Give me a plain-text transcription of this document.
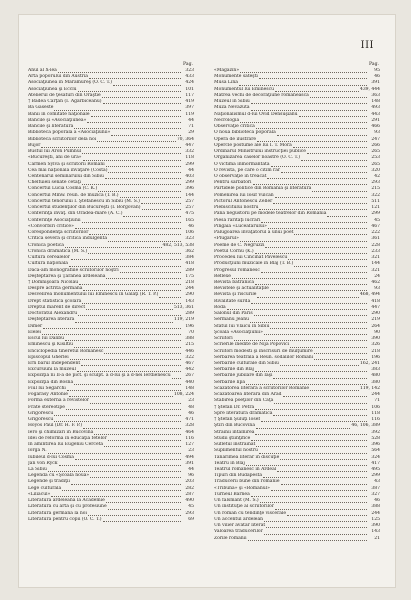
III
Pag.
Anul al X-lea	323
Arta poporului din Austria	433
Asociaţiunea în Maramureş (O. C. T.)	424
Asociaţiunea şi Ecclu	101
Atelierul de ţesături din Orăştie	117
† Badea Cârţan (I. Agârbiceanu)	419
Ba Gaseste	397
Banii în comitate naţionale	119
Băncile şi «Asociaţiunea»	44
Băncile şi literatura	71
Biblioteca poporală a «Asociaţiunii»	29
Biblioteca scriitorilor dela noi	70, 364
Bujor	447
Bustul lui Aron Pumnul	332
«Bucureşti, ani de ură»	118
Carmen Sylva şi scriitorii Români	299
Cea mai naţională învăţare (Costa)	44
Centenarul seminarului din Sibiu	403
Cheltuieli senate cetăţi	299
Concertul Lucia Cosma (C. K.)	396
Concertul Mmw. reun. de muzică (T. B.)	144
Concertul tenorului I. Ştefănescu în Sibiu (M. S.)	257
Concertul studenţilor din Bucureşti (I. Borgovan)	257
Conferinţa învăţ. din Oradea-mare (A. C.)	475
Conferinţe Asociaţiunii	165
«Convorbiri critice»	46
Corespondenţa scriitorilor	106
Critica severă şi critica indulgentă	323
Cronica poetică	482, 513, 538
Cronica dramatică (M. S.)	362
Cultura cerealelor	384
Cultura naţională	418
Dacă-am monografiile scriitorilor noştri	289
Deşteptarea şi Ţărănea ardeleană	175
† Domnişoara Nicolau	218
Despre actrita germană	244
Desvelirea monumentului lui Eminescu în Galaţi (R. T. P.)	290
Drept statistică şcolară	143
Dreptul marent de direct	513, 361
Doctoratul Alexandru	289
Deşteptarea literară	119, 219
Dimer	196
Elelei	70
Escul lui Dalibu	388
Eminescu şi Kisiltiu	215
Enciclopedia tineretul Românesc	446
Episcopul Gherlei	322
Ern barul Independent	467
Excursiuni la muzeul	442
Expoziţia ni II-a de pict. şi sculpt. a d-lui şi a d-nei Ierdienescu	267
Expoziţia din Bosna	440
Fiul lui Segarchi	148
Fogarasy Antonie	108, 224
Forma externă a revistelor	23
Frate stereotipe	48
Grigorescu	46
Grigorescu	471
Hoyos Paul (Dr. H. F. P.)	328
Iero şi chimizari în Bucovina	464
Idei de reformă în educaţia fetelor	116
In amintirea lui Eugeniu Cerceta	127
Iorga N.	23
Iubileul d-lui Cosma	494
Jan von Ryck	391
La Sibiu	44
Legenda cu «Şcoala nouă»	96
Legende şi tradiţii	203
Lege culturală	282
«Liliacul»	287
Literatura ardeleană la Academie	490
Literatura cu artă şi cu profesiune	45
Literatura germană la noi	293
Literatura pentru copii (O. C. T.)	69
Pag.
«Magazin»	95
Monumente săteşti	46
Musa Lina	391
Monumentul lui Eminescu	439, 444
Matrea vechi de decoraţiune românească	363
Muzeul în Sibiu	148
Muza Nevazută	493
Naţionalismul d-lui Ovid Densuşianu	443
Necrologia	291
Observaţie critică	466
O nouă biblioteca poporală	93
Opera de ilustrare	247
Opercle postume ale lui I. T. Mora	266
Ordinarul Ministrului instrucţiei publice	265
Organizarea caselor noastre (O. C. T.)	253
O victima înmormântată	265
O revistă, pe care o citim rar	320
O observaţie în treacăt	42
Pentru sărbători	293
Partidele politice din România şi literatura	215
Pomenirea lui Iosif Vulcan	322
Pictorul Antonescu Zeller	511
Plebiscitului nostru	121
Până negustorii pe modele teatrelor din România	299
Piesa rarităţi lucrari	45
Pingaia «Luceafărului»	467
Pălugoarea învăţătorul a unui poet	222
«Plugarul»	361
Poeme de C. Negruzzi	228
Poetul Cornu (K.)	233
Procedeu lui Cincinat Pavelescu	321
Producţiuni muzicale în Blaj (T. B.)	144
Progresul românesc	321
Reflexe	24
Revista bătrânică	462
Revistele şi actualităţile	93
Revista şi riscurile	468, 494
Rivalitate surdă	418
Roda	447
Salonul din Paris	290
Sermanu Jeanu	219
Sfatul lui Vlaicu în Sibiu	264
Şcoala «Asociaţiunii»	90
Scriitori	390
Scrierile inedite de Nijă Popovici	326
Scriitori modesti şi înscrisuri de mulţumire	218
Serbarea teatrală a Reun. sodalilor Români	196
Serbările culturale din Sibiu	162, 241
Serbările din Blaj	383
Serbările jubilare din Iaşi	480
Serbările lipă	380
Scăzătorea literară a scriitorilor Romănie	119, 142
Scăzătoarea literară din Arad	244
Stăbirea poeţilor din Caţa	71
† Ştefan Dr. Petra	106
Spre literatura dramatică	118
† Ştefan Şuluţi Iosef	116
Ştiri din Bucovina	46, 106, 389
Străinii întâlnirea	392
Studii ştiinţifice	528
Sufletul înstrăinat	396
Suplimentul nostru	564
Tânărimea literar în discuţie	324
Teatru în Blaj	417
Teatrul românesc în Ardeal	495
Tipuri din Budapesta	299
Traducerii bune din românie	43
«Tribuna» şi «Românul»	387
Turneul Bârnea	327
Un falsmant (M. S.)	46
Un instituţie al scriitorilor	388
Un roman cu tendinţe viscerale	244
Un accentul ardelean	125
Un vilier avatar literat	390
Valoarea traducerilor	143
Zorile românii	21
